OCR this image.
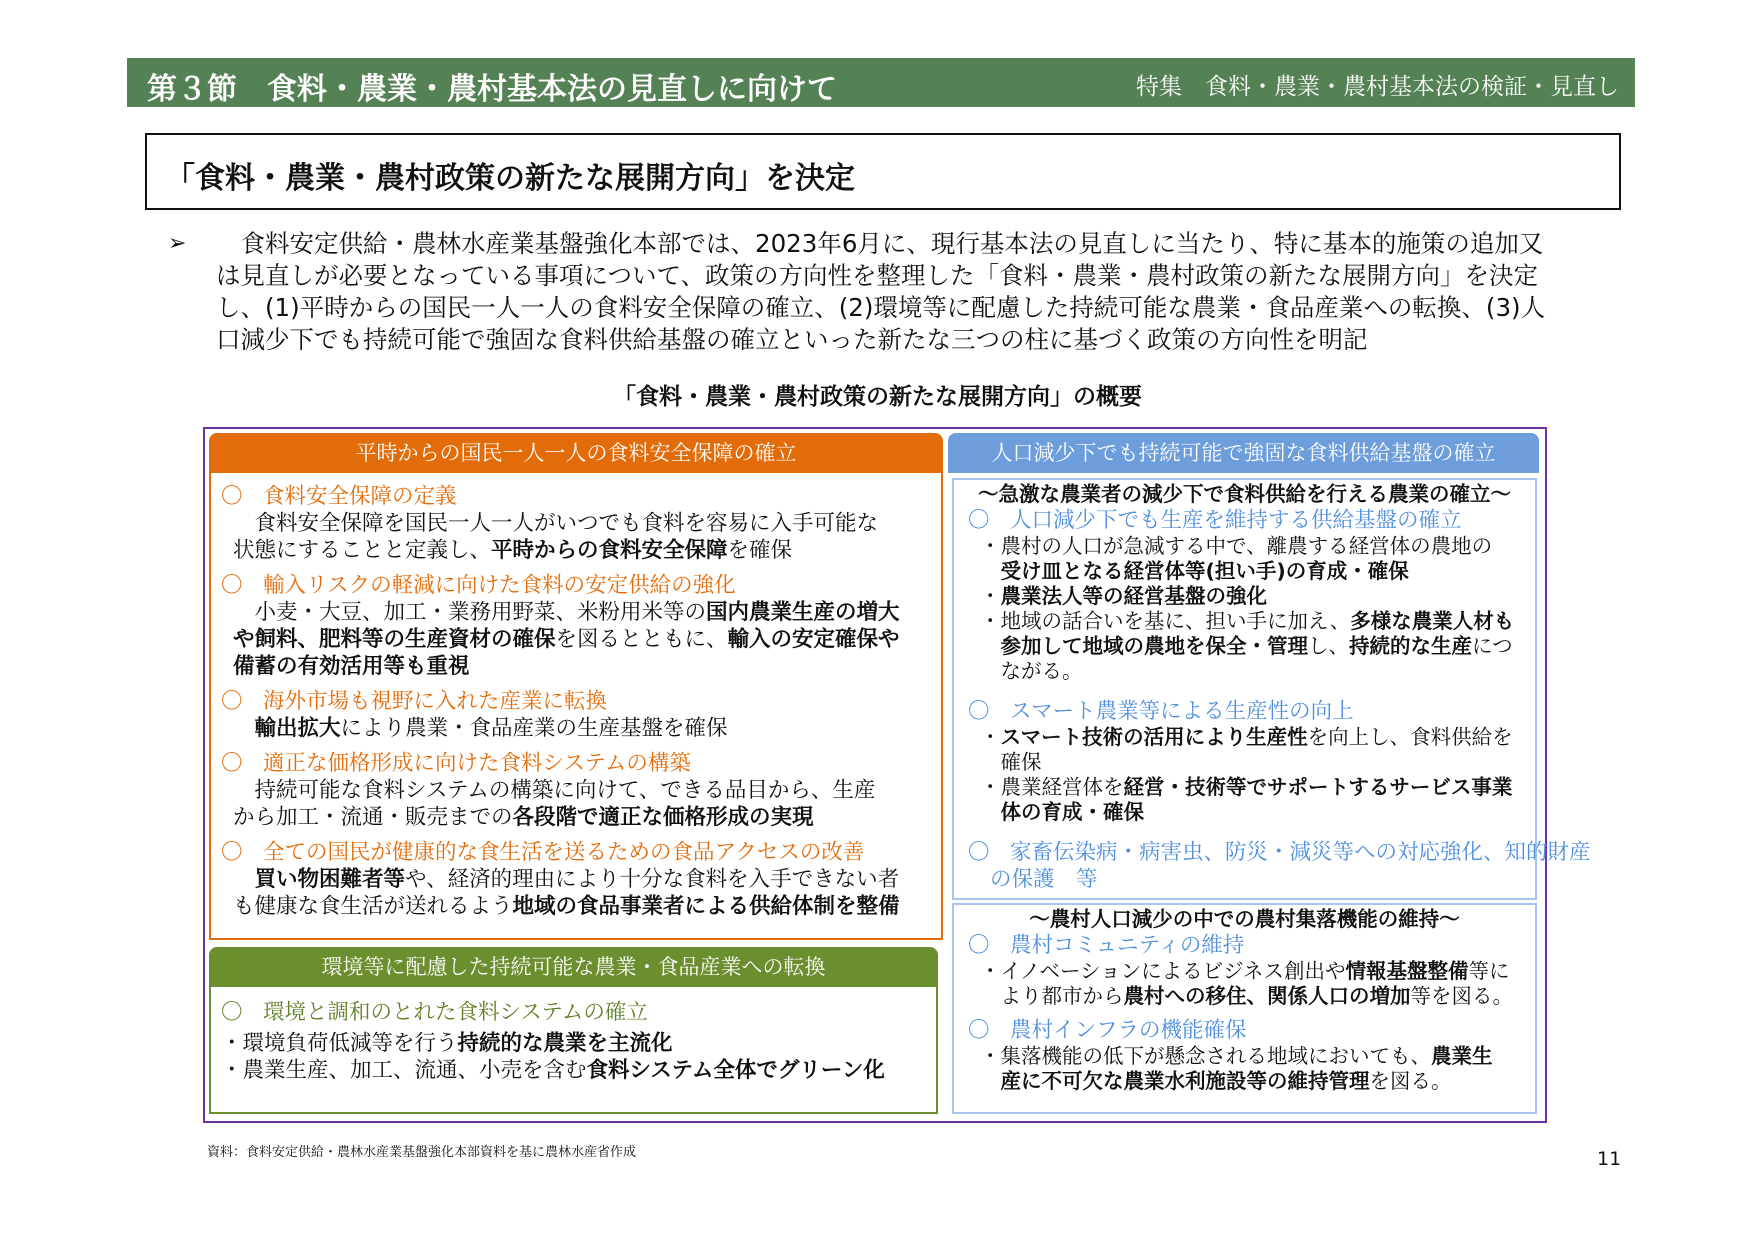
第３節　食料・農業・農村基本法の見直しに向けて	特集　食料・農業・農村基本法の検証・見直し
「食料・農業・農村政策の新たな展開方向」を決定
➢ 　食料安定供給・農林水産業基盤強化本部では、2023年6月に、現行基本法の見直しに当たり、特に基本的施策の追加又
は見直しが必要となっている事項について、政策の方向性を整理した「食料・農業・農村政策の新たな展開方向」を決定
し、(1)平時からの国民一人一人の食料安全保障の確立、(2)環境等に配慮した持続可能な農業・食品産業への転換、(3)人
口減少下でも持続可能で強固な食料供給基盤の確立といった新たな三つの柱に基づく政策の方向性を明記
「食料・農業・農村政策の新たな展開方向」の概要
平時からの国民一人一人の食料安全保障の確立
〇 食料安全保障の定義
　食料安全保障を国民一人一人がいつでも食料を容易に入手可能な
状態にすることと定義し、平時からの食料安全保障を確保
〇 輸入リスクの軽減に向けた食料の安定供給の強化
　小麦・大豆、加工・業務用野菜、米粉用米等の国内農業生産の増大
や飼料、肥料等の生産資材の確保を図るとともに、輸入の安定確保や
備蓄の有効活用等も重視
〇 海外市場も視野に入れた産業に転換
　輸出拡大により農業・食品産業の生産基盤を確保
〇 適正な価格形成に向けた食料システムの構築
　持続可能な食料システムの構築に向けて、できる品目から、生産
から加工・流通・販売までの各段階で適正な価格形成の実現
〇 全ての国民が健康的な食生活を送るための食品アクセスの改善
　買い物困難者等や、経済的理由により十分な食料を入手できない者
も健康な食生活が送れるよう地域の食品事業者による供給体制を整備
環境等に配慮した持続可能な農業・食品産業への転換
〇 環境と調和のとれた食料システムの確立
・環境負荷低減等を行う持続的な農業を主流化
・農業生産、加工、流通、小売を含む食料システム全体でグリーン化
人口減少下でも持続可能で強固な食料供給基盤の確立
～急激な農業者の減少下で食料供給を行える農業の確立～
〇 人口減少下でも生産を維持する供給基盤の確立
・農村の人口が急減する中で、離農する経営体の農地の
　受け皿となる経営体等(担い手)の育成・確保
・農業法人等の経営基盤の強化
・地域の話合いを基に、担い手に加え、多様な農業人材も
　参加して地域の農地を保全・管理し、持続的な生産につ
　ながる。
〇 スマート農業等による生産性の向上
・スマート技術の活用により生産性を向上し、食料供給を
　確保
・農業経営体を経営・技術等でサポートするサービス事業
　体の育成・確保
〇 家畜伝染病・病害虫、防災・減災等への対応強化、知的財産
の保護　等
～農村人口減少の中での農村集落機能の維持～
〇 農村コミュニティの維持
・イノベーションによるビジネス創出や情報基盤整備等に
　より都市から農村への移住、関係人口の増加等を図る。
〇 農村インフラの機能確保
・集落機能の低下が懸念される地域においても、農業生
　産に不可欠な農業水利施設等の維持管理を図る。
資料：食料安定供給・農林水産業基盤強化本部資料を基に農林水産省作成	11
